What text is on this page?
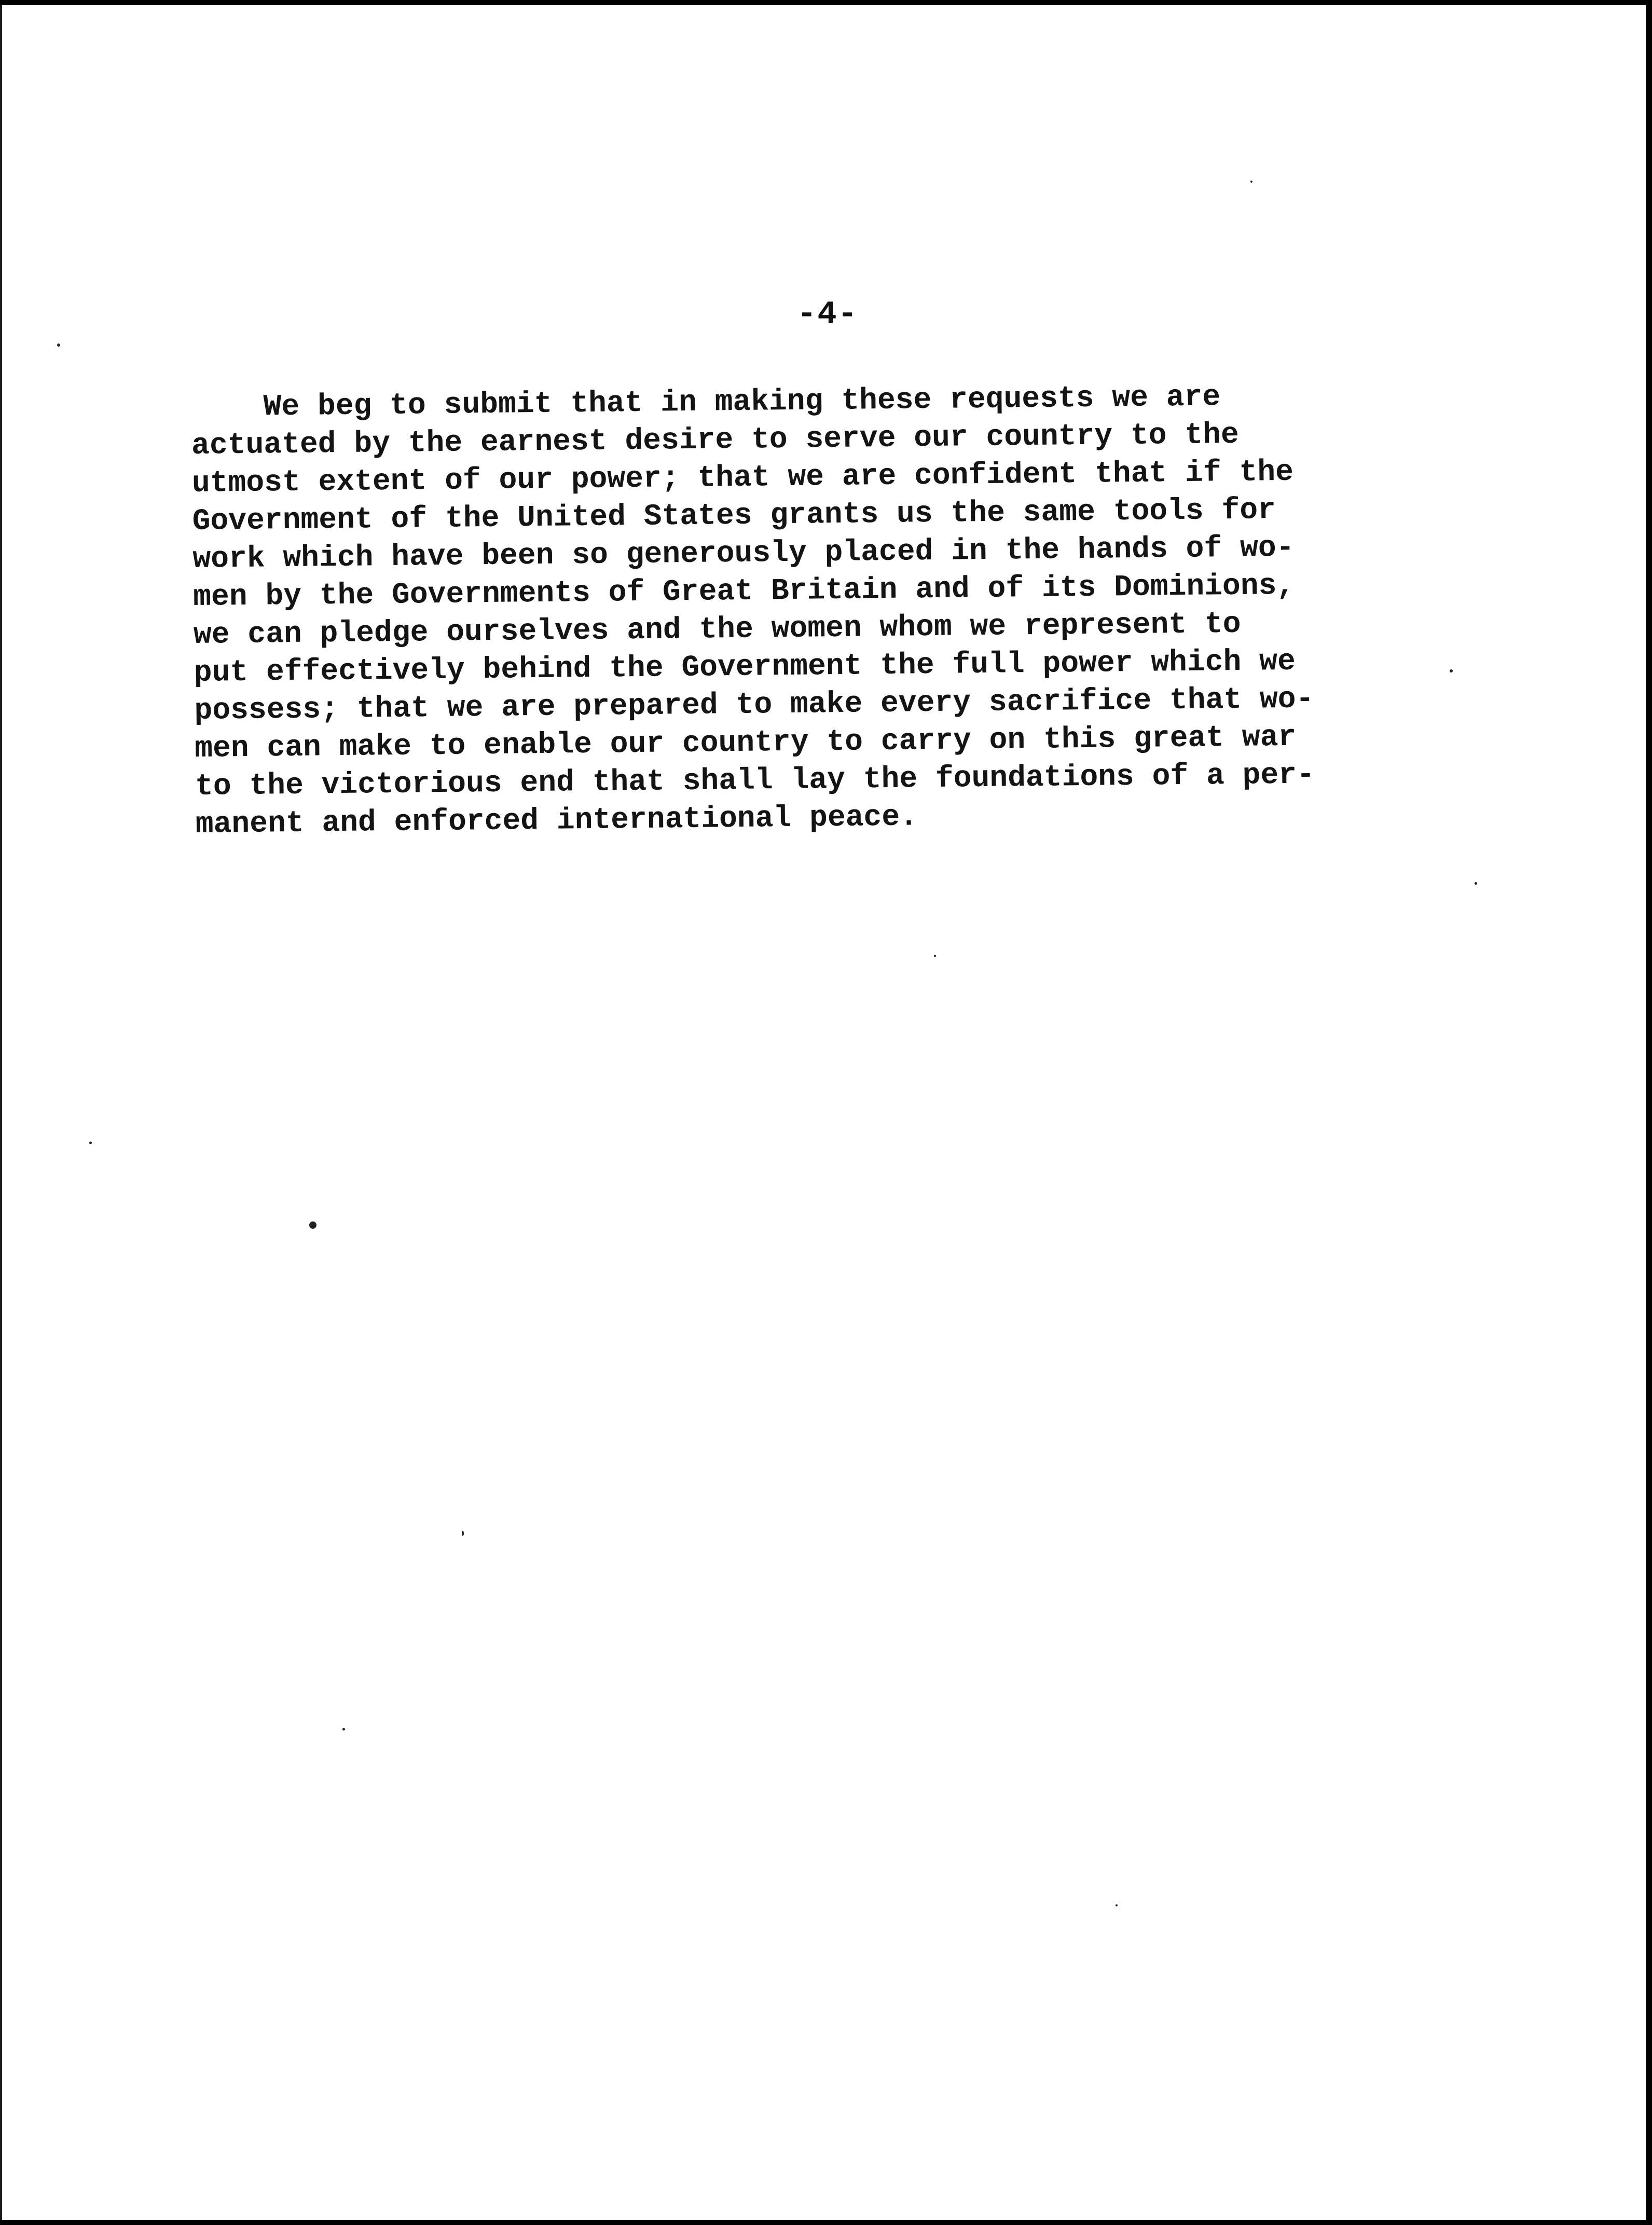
-4-
We beg to submit that in making these requests we are
actuated by the earnest desire to serve our country to the
utmost extent of our power; that we are confident that if the
Government of the United States grants us the same tools for
work which have been so generously placed in the hands of wo-
men by the Governments of Great Britain and of its Dominions,
we can pledge ourselves and the women whom we represent to
put effectively behind the Government the full power which we
possess; that we are prepared to make every sacrifice that wo-
men can make to enable our country to carry on this great war
to the victorious end that shall lay the foundations of a per-
manent and enforced international peace.
